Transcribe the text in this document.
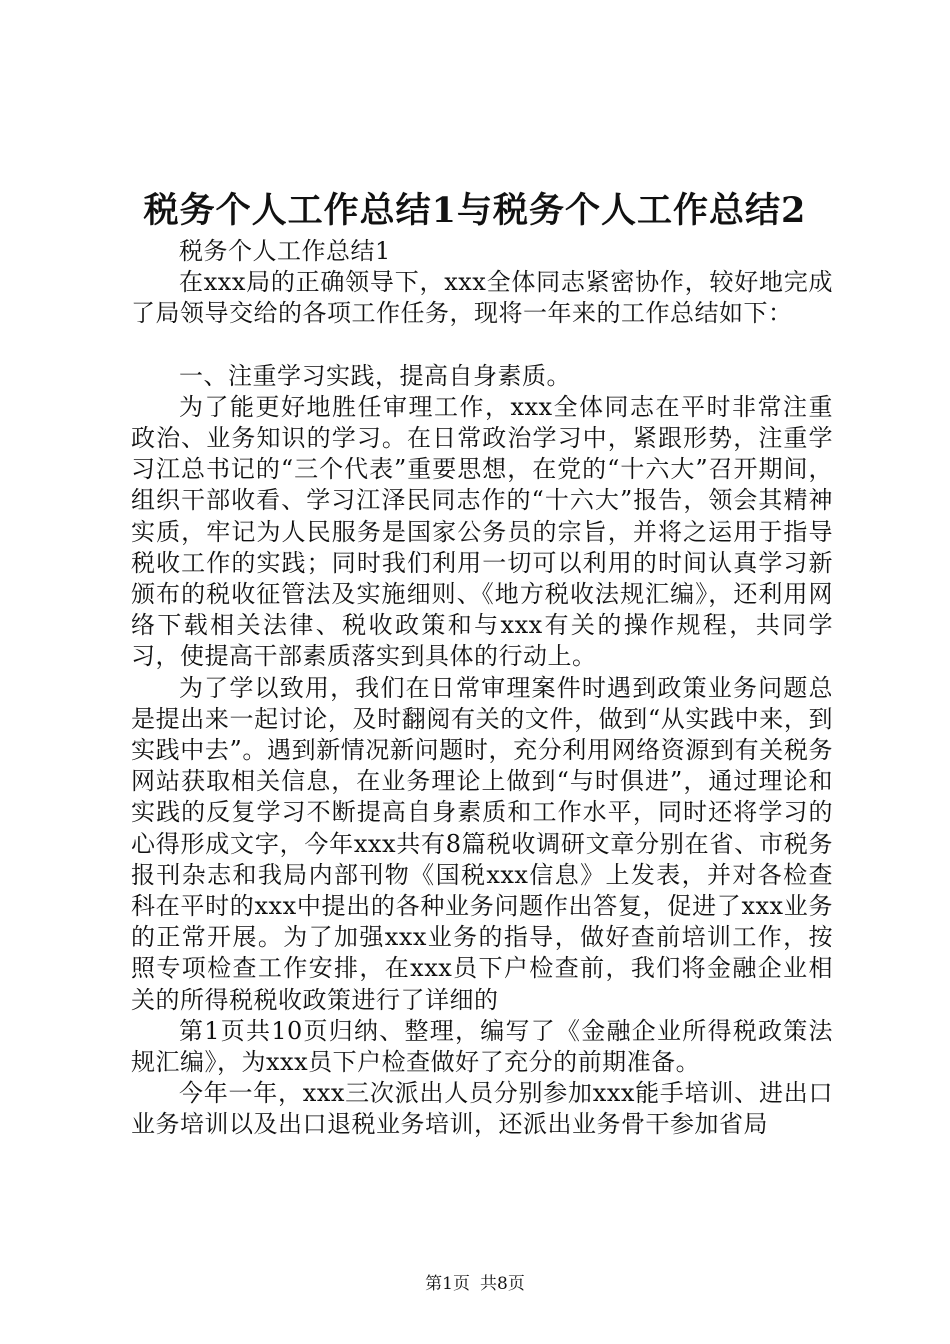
税务个人工作总结1与税务个人工作总结2

税务个人工作总结1

在xxx局的正确领导下，xxx全体同志紧密协作，较好地完成了局领导交给的各项工作任务，现将一年来的工作总结如下：

一、注重学习实践，提高自身素质。

为了能更好地胜任审理工作，xxx全体同志在平时非常注重政治、业务知识的学习。在日常政治学习中，紧跟形势，注重学习江总书记的“三个代表”重要思想，在党的“十六大”召开期间，组织干部收看、学习江泽民同志作的“十六大”报告，领会其精神实质，牢记为人民服务是国家公务员的宗旨，并将之运用于指导税收工作的实践；同时我们利用一切可以利用的时间认真学习新颁布的税收征管法及实施细则、《地方税收法规汇编》，还利用网络下载相关法律、税收政策和与xxx有关的操作规程，共同学习，使提高干部素质落实到具体的行动上。

为了学以致用，我们在日常审理案件时遇到政策业务问题总是提出来一起讨论，及时翻阅有关的文件，做到“从实践中来，到实践中去”。遇到新情况新问题时，充分利用网络资源到有关税务网站获取相关信息，在业务理论上做到“与时俱进”，通过理论和实践的反复学习不断提高自身素质和工作水平，同时还将学习的心得形成文字，今年xxx共有8篇税收调研文章分别在省、市税务报刊杂志和我局内部刊物《国税xxx信息》上发表，并对各检查科在平时的xxx中提出的各种业务问题作出答复，促进了xxx业务的正常开展。为了加强xxx业务的指导，做好查前培训工作，按照专项检查工作安排，在xxx员下户检查前，我们将金融企业相关的所得税税收政策进行了详细的

第1页共10页归纳、整理，编写了《金融企业所得税政策法规汇编》，为xxx员下户检查做好了充分的前期准备。

今年一年，xxx三次派出人员分别参加xxx能手培训、进出口业务培训以及出口退税业务培训，还派出业务骨干参加省局

第1页 共8页
